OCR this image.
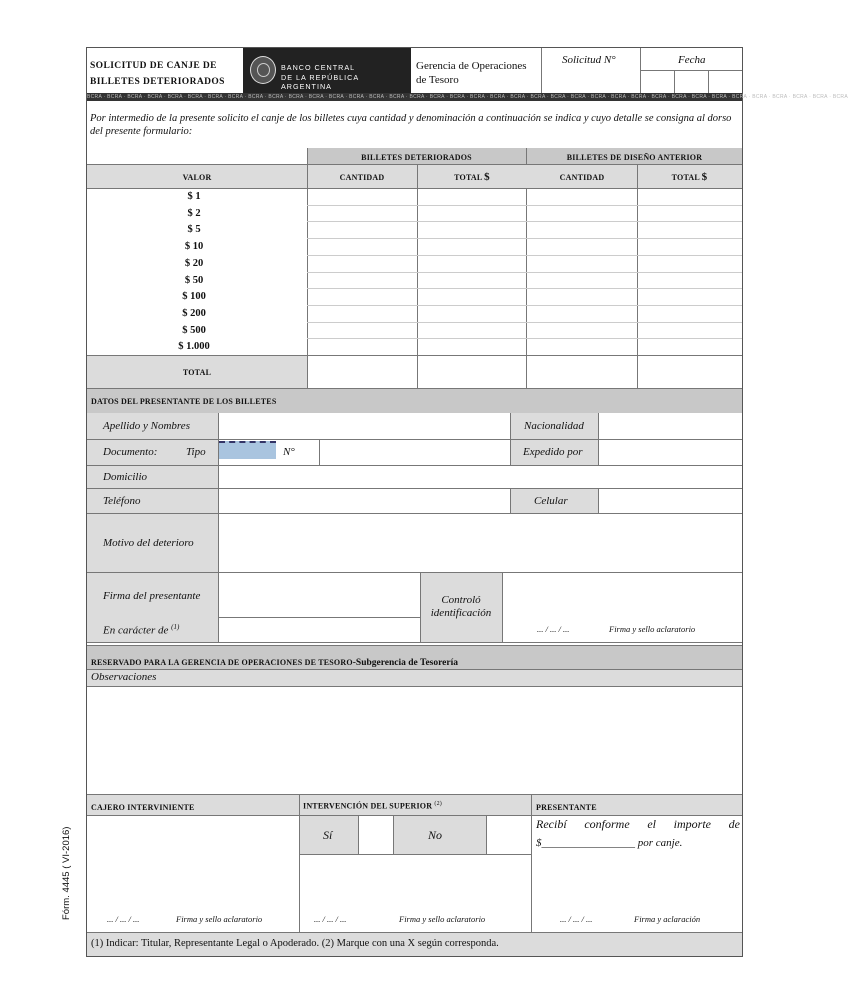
SOLICITUD DE CANJE DE
BILLETES DETERIORADOS
BANCO CENTRAL
DE LA REPÚBLICA ARGENTINA
Gerencia de Operaciones
de Tesoro
Solicitud N°	Fecha
BCRA · BCRA · BCRA · BCRA · BCRA · BCRA · BCRA · BCRA · BCRA · BCRA · BCRA · BCRA · BCRA · BCRA · BCRA · BCRA · BCRA · BCRA · BCRA · BCRA · BCRA · BCRA · BCRA · BCRA · BCRA · BCRA · BCRA · BCRA · BCRA · BCRA · BCRA · BCRA · BCRA · BCRA · BCRA · BCRA · BCRA · BCRA
Por intermedio de la presente solicito el canje de los billetes cuya cantidad y denominación a continuación se indica y cuyo detalle se consigna al dorso del presente formulario:
BILLETES DETERIORADOS	BILLETES DE DISEÑO ANTERIOR
VALOR	CANTIDAD	TOTAL $	CANTIDAD	TOTAL $
$ 1
$ 2
$ 5
$ 10
$ 20
$ 50
$ 100
$ 200
$ 500
$ 1.000
TOTAL
DATOS DEL PRESENTANTE DE LOS BILLETES
Apellido y Nombres	Nacionalidad
Documento:	Tipo	N°	Expedido por
Domicilio
Teléfono	Celular
Motivo del deterioro
Firma del presentante
En carácter de $^{(1)}$
Controló
identificación
... / ... / ...	Firma y sello aclaratorio
RESERVADO PARA LA GERENCIA DE OPERACIONES DE TESORO-Subgerencia de Tesorería
Observaciones
CAJERO INTERVINIENTE	INTERVENCIÓN DEL SUPERIOR $^{(2)}$	PRESENTANTE
... / ... / ...	Firma y sello aclaratorio
Sí	No
... / ... / ...	Firma y sello aclaratorio
Recibí conforme el importe de
$_________________ por canje.
... / ... / ...	Firma y aclaración
(1) Indicar: Titular, Representante Legal o Apoderado. (2) Marque con una X según corresponda.
Fórm. 4445 ( VI-2016)
